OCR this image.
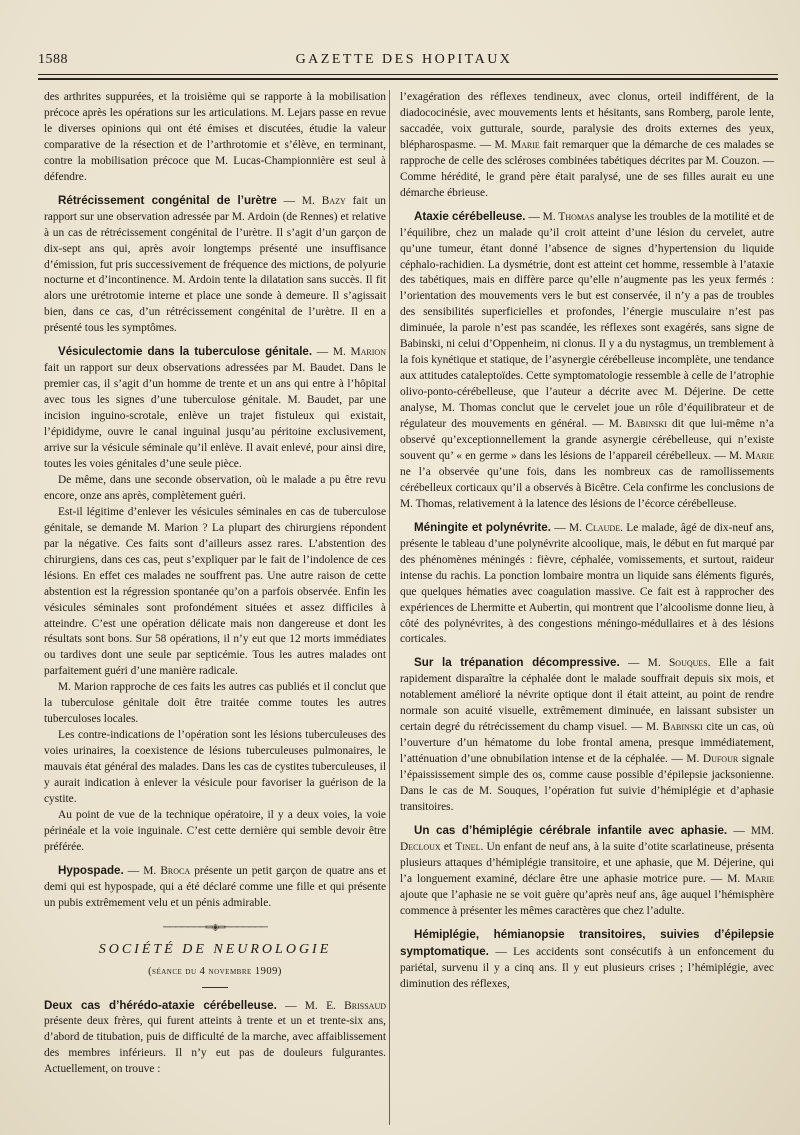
1588	GAZETTE DES HOPITAUX

des arthrites suppurées, et la troisième qui se rapporte à la mobilisation précoce après les opérations sur les articulations. M. Lejars passe en revue le diverses opinions qui ont été émises et discutées, étudie la valeur comparative de la résection et de l’arthrotomie et s’élève, en terminant, contre la mobilisation précoce que M. Lucas-Championnière est seul à défendre.

Rétrécissement congénital de l’urètre — M. Bazy fait un rapport sur une observation adressée par M. Ardoin (de Rennes) et relative à un cas de rétrécissement congénital de l’urètre. Il s’agit d’un garçon de dix-sept ans qui, après avoir longtemps présenté une insuffisance d’émission, fut pris successivement de fréquence des mictions, de polyurie nocturne et d’incontinence. M. Ardoin tente la dilatation sans succès. Il fit alors une urétrotomie interne et place une sonde à demeure. Il s’agissait bien, dans ce cas, d’un rétrécissement congénital de l’urètre. Il en a présenté tous les symptômes.

Vésiculectomie dans la tuberculose génitale. — M. Marion fait un rapport sur deux observations adressées par M. Baudet. Dans le premier cas, il s’agit d’un homme de trente et un ans qui entre à l’hôpital avec tous les signes d’une tuberculose génitale. M. Baudet, par une incision inguino-scrotale, enlève un trajet fistuleux qui existait, l’épididyme, ouvre le canal inguinal jusqu’au péritoine exclusivement, arrive sur la vésicule séminale qu’il enlève. Il avait enlevé, pour ainsi dire, toutes les voies génitales d’une seule pièce.

De même, dans une seconde observation, où le malade a pu être revu encore, onze ans après, complètement guéri.

Est-il légitime d’enlever les vésicules séminales en cas de tuberculose génitale, se demande M. Marion ? La plupart des chirurgiens répondent par la négative. Ces faits sont d’ailleurs assez rares. L’abstention des chirurgiens, dans ces cas, peut s’expliquer par le fait de l’indolence de ces lésions. En effet ces malades ne souffrent pas. Une autre raison de cette abstention est la régression spontanée qu’on a parfois observée. Enfin les vésicules séminales sont profondément situées et assez difficiles à atteindre. C’est une opération délicate mais non dangereuse et dont les résultats sont bons. Sur 58 opérations, il n’y eut que 12 morts immédiates ou tardives dont une seule par septicémie. Tous les autres malades ont parfaitement guéri d’une manière radicale.

M. Marion rapproche de ces faits les autres cas publiés et il conclut que la tuberculose génitale doit être traitée comme toutes les autres tuberculoses locales.

Les contre-indications de l’opération sont les lésions tuberculeuses des voies urinaires, la coexistence de lésions tuberculeuses pulmonaires, le mauvais état général des malades. Dans les cas de cystites tuberculeuses, il y aurait indication à enlever la vésicule pour favoriser la guérison de la cystite.

Au point de vue de la technique opératoire, il y a deux voies, la voie périnéale et la voie inguinale. C’est cette dernière qui semble devoir être préférée.

Hypospade. — M. Broca présente un petit garçon de quatre ans et demi qui est hypospade, qui a été déclaré comme une fille et qui présente un pubis extrêmement velu et un pénis admirable.

───────═◈═───────
SOCIÉTÉ DE NEUROLOGIE
(séance du 4 novembre 1909)

Deux cas d’hérédo-ataxie cérébelleuse. — M. E. Brissaud présente deux frères, qui furent atteints à trente et un et trente-six ans, d’abord de titubation, puis de difficulté de la marche, avec affaiblissement des membres inférieurs. Il n’y eut pas de douleurs fulgurantes. Actuellement, on trouve :

l’exagération des réflexes tendineux, avec clonus, orteil indifférent, de la diadococinésie, avec mouvements lents et hésitants, sans Romberg, parole lente, saccadée, voix gutturale, sourde, paralysie des droits externes des yeux, blépharospasme. — M. Marie fait remarquer que la démarche de ces malades se rapproche de celle des scléroses combinées tabétiques décrites par M. Couzon. — Comme hérédité, le grand père était paralysé, une de ses filles aurait eu une démarche ébrieuse.

Ataxie cérébelleuse. — M. Thomas analyse les troubles de la motilité et de l’équilibre, chez un malade qu’il croit atteint d’une lésion du cervelet, autre qu’une tumeur, étant donné l’absence de signes d’hypertension du liquide céphalo-rachidien. La dysmétrie, dont est atteint cet homme, ressemble à l’ataxie des tabétiques, mais en diffère parce qu’elle n’augmente pas les yeux fermés : l’orientation des mouvements vers le but est conservée, il n’y a pas de troubles des sensibilités superficielles et profondes, l’énergie musculaire n’est pas diminuée, la parole n’est pas scandée, les réflexes sont exagérés, sans signe de Babinski, ni celui d’Oppenheim, ni clonus. Il y a du nystagmus, un tremblement à la fois kynétique et statique, de l’asynergie cérébelleuse incomplète, une tendance aux attitudes cataleptoïdes. Cette symptomatologie ressemble à celle de l’atrophie olivo-ponto-cérébelleuse, que l’auteur a décrite avec M. Déjerine. De cette analyse, M. Thomas conclut que le cervelet joue un rôle d’équilibrateur et de régulateur des mouvements en général. — M. Babinski dit que lui-même n’a observé qu’exceptionnellement la grande asynergie cérébelleuse, qui n’existe souvent qu’ « en germe » dans les lésions de l’appareil cérébelleux. — M. Marie ne l’a observée qu’une fois, dans les nombreux cas de ramollissements cérébelleux corticaux qu’il a observés à Bicêtre. Cela confirme les conclusions de M. Thomas, relativement à la latence des lésions de l’écorce cérébelleuse.

Méningite et polynévrite. — M. Claude. Le malade, âgé de dix-neuf ans, présente le tableau d’une polynévrite alcoolique, mais, le début en fut marqué par des phénomènes méningés : fièvre, céphalée, vomissements, et surtout, raideur intense du rachis. La ponction lombaire montra un liquide sans éléments figurés, que quelques hématies avec coagulation massive. Ce fait est à rapprocher des expériences de Lhermitte et Aubertin, qui montrent que l’alcoolisme donne lieu, à côté des polynévrites, à des congestions méningo-médullaires et à des lésions corticales.

Sur la trépanation décompressive. — M. Souques. Elle a fait rapidement disparaître la céphalée dont le malade souffrait depuis six mois, et notablement amélioré la névrite optique dont il était atteint, au point de rendre normale son acuité visuelle, extrêmement diminuée, en laissant subsister un certain degré du rétrécissement du champ visuel. — M. Babinski cite un cas, où l’ouverture d’un hématome du lobe frontal amena, presque immédiatement, l’atténuation d’une obnubilation intense et de la céphalée. — M. Dufour signale l’épaississement simple des os, comme cause possible d’épilepsie jacksonienne. Dans le cas de M. Souques, l’opération fut suivie d’hémiplégie et d’aphasie transitoires.

Un cas d’hémiplégie cérébrale infantile avec aphasie. — MM. Decloux et Tinel. Un enfant de neuf ans, à la suite d’otite scarlatineuse, présenta plusieurs attaques d’hémiplégie transitoire, et une aphasie, que M. Déjerine, qui l’a longuement examiné, déclare être une aphasie motrice pure. — M. Marie ajoute que l’aphasie ne se voit guère qu’après neuf ans, âge auquel l’hémisphère commence à présenter les mêmes caractères que chez l’adulte.

Hémiplégie, hémianopsie transitoires, suivies d’épilepsie symptomatique. — Les accidents sont consécutifs à un enfoncement du pariétal, survenu il y a cinq ans. Il y eut plusieurs crises ; l’hémiplégie, avec diminution des réflexes,
